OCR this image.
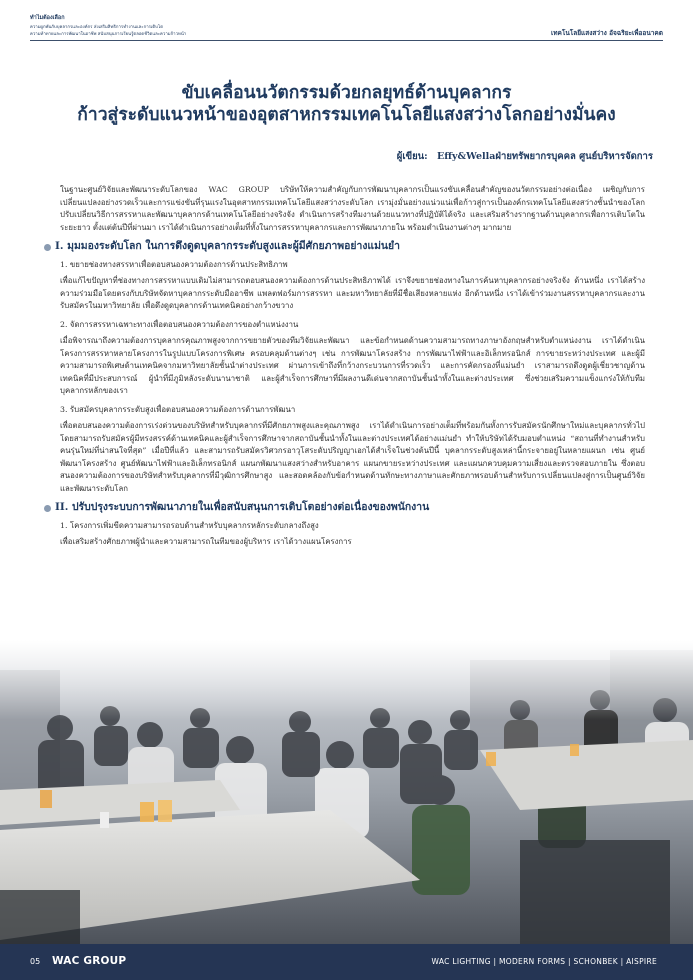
ทำไมต้องเลือก
ความผูกพันกับบุคลากรและองค์กร ส่งเสริมสิทธิการทำงานและการเติบโต
ความท้าทายและการพัฒนาในอาชีพ สนับสนุนการเรียนรู้ตลอดชีวิตและความก้าวหน้า	เทคโนโลยีแสงสว่าง อัจฉริยะเพื่ออนาคต
ขับเคลื่อนนวัตกรรมด้วยกลยุทธ์ด้านบุคลากร
ก้าวสู่ระดับแนวหน้าของอุตสาหกรรมเทคโนโลยีแสงสว่างโลกอย่างมั่นคง
ผู้เขียน: Effy&Wellaฝ่ายทรัพยากรบุคคล ศูนย์บริหารจัดการ

ในฐานะศูนย์วิจัยและพัฒนาระดับโลกของ WAC GROUP บริษัทให้ความสำคัญกับการพัฒนาบุคลากรเป็นแรงขับเคลื่อนสำคัญของนวัตกรรมอย่างต่อเนื่อง เผชิญกับการเปลี่ยนแปลงอย่างรวดเร็วและการแข่งขันที่รุนแรงในอุตสาหกรรมเทคโนโลยีแสงสว่างระดับโลก เรามุ่งมั่นอย่างแน่วแน่เพื่อก้าวสู่การเป็นองค์กรเทคโนโลยีแสงสว่างชั้นนำของโลก ปรับเปลี่ยนวิธีการสรรหาและพัฒนาบุคลากรด้านเทคโนโลยีอย่างจริงจัง ดำเนินการสร้างทีมงานด้วยแนวทางที่ปฏิบัติได้จริง และเสริมสร้างรากฐานด้านบุคลากรเพื่อการเติบโตในระยะยาว ตั้งแต่ต้นปีที่ผ่านมา เราได้ดำเนินการอย่างเต็มที่ทั้งในการสรรหาบุคลากรและการพัฒนาภายใน พร้อมดำเนินงานต่างๆ มากมาย

I. มุมมองระดับโลก ในการดึงดูดบุคลากรระดับสูงและผู้มีศักยภาพอย่างแม่นยำ
1. ขยายช่องทางสรรหาเพื่อตอบสนองความต้องการด้านประสิทธิภาพ

เพื่อแก้ไขปัญหาที่ช่องทางการสรรหาแบบเดิมไม่สามารถตอบสนองความต้องการด้านประสิทธิภาพได้ เราจึงขยายช่องทางในการค้นหาบุคลากรอย่างจริงจัง ด้านหนึ่ง เราได้สร้างความร่วมมือโดยตรงกับบริษัทจัดหาบุคลากรระดับมืออาชีพ แพลตฟอร์มการสรรหา และมหาวิทยาลัยที่มีชื่อเสียงหลายแห่ง อีกด้านหนึ่ง เราได้เข้าร่วมงานสรรหาบุคลากรและงานรับสมัครในมหาวิทยาลัย เพื่อดึงดูดบุคลากรด้านเทคนิคอย่างกว้างขวาง

2. จัดการสรรหาเฉพาะทางเพื่อตอบสนองความต้องการของตำแหน่งงาน

เมื่อพิจารณาถึงความต้องการบุคลากรคุณภาพสูงจากการขยายตัวของทีมวิจัยและพัฒนา และข้อกำหนดด้านความสามารถทางภาษาอังกฤษสำหรับตำแหน่งงาน เราได้ดำเนินโครงการสรรหาหลายโครงการในรูปแบบโครงการพิเศษ ครอบคลุมด้านต่างๆ เช่น การพัฒนาโครงสร้าง การพัฒนาไฟฟ้าและอิเล็กทรอนิกส์ การขายระหว่างประเทศ และผู้มีความสามารถพิเศษด้านเทคนิคจากมหาวิทยาลัยชั้นนำต่างประเทศ ผ่านการเข้าถึงที่กว้างกระบวนการที่รวดเร็ว และการคัดกรองที่แม่นยำ เราสามารถดึงดูดผู้เชี่ยวชาญด้านเทคนิคที่มีประสบการณ์ ผู้นำที่มีภูมิหลังระดับนานาชาติ และผู้สำเร็จการศึกษาที่มีผลงานดีเด่นจากสถาบันชั้นนำทั้งในและต่างประเทศ ซึ่งช่วยเสริมความแข็งแกร่งให้กับทีมบุคลากรหลักของเรา

3. รับสมัครบุคลากรระดับสูงเพื่อตอบสนองความต้องการด้านการพัฒนา

เพื่อตอบสนองความต้องการเร่งด่วนของบริษัทสำหรับบุคลากรที่มีศักยภาพสูงและคุณภาพสูง เราได้ดำเนินการอย่างเต็มที่พร้อมกันทั้งการรับสมัครนักศึกษาใหม่และบุคลากรทั่วไป โดยสามารถรับสมัครผู้มีทรงสรรค์ด้านเทคนิคและผู้สำเร็จการศึกษาจากสถาบันชั้นนำทั้งในและต่างประเทศได้อย่างแม่นยำ ทำให้บริษัทได้รับมอบตำแหน่ง “สถานที่ทำงานสำหรับคนรุ่นใหม่ที่น่าสนใจที่สุด” เมื่อปีที่แล้ว และสามารถรับสมัครวิศวกรอาวุโสระดับปริญญาเอกได้สำเร็จในช่วงต้นปีนี้ บุคลากรระดับสูงเหล่านี้กระจายอยู่ในหลายแผนก เช่น ศูนย์พัฒนาโครงสร้าง ศูนย์พัฒนาไฟฟ้าและอิเล็กทรอนิกส์ แผนกพัฒนาแสงสว่างสำหรับอาคาร แผนกขายระหว่างประเทศ และแผนกควบคุมความเสี่ยงและตรวจสอบภายใน ซึ่งตอบสนองความต้องการของบริษัทสำหรับบุคลากรที่มีวุฒิการศึกษาสูง และสอดคล้องกับข้อกำหนดด้านทักษะทางภาษาและศักยภาพรอบด้านสำหรับการเปลี่ยนแปลงสู่การเป็นศูนย์วิจัยและพัฒนาระดับโลก

II. ปรับปรุงระบบการพัฒนาภายในเพื่อสนับสนุนการเติบโตอย่างต่อเนื่องของพนักงาน
1. โครงการเพิ่มขีดความสามารถรอบด้านสำหรับบุคลากรหลักระดับกลางถึงสูง

เพื่อเสริมสร้างศักยภาพผู้นำและความสามารถในทีมของผู้บริหาร เราได้วางแผนโครงการ

05 WAC GROUP	WAC LIGHTING | MODERN FORMS | SCHONBEK | AISPIRE
